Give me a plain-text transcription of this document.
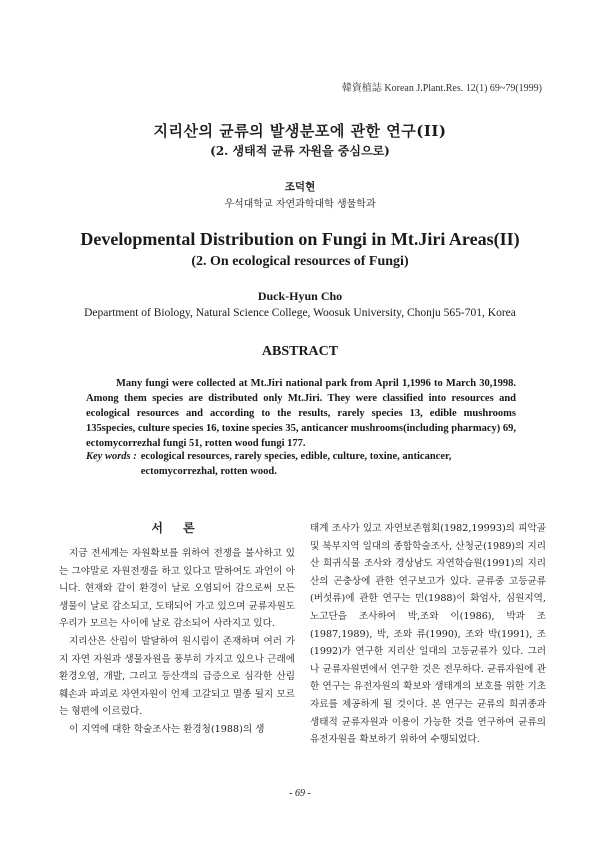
韓資植誌 Korean J.Plant.Res. 12(1) 69~79(1999)
지리산의 균류의 발생분포에 관한 연구(II)
(2. 생태적 균류 자원을 중심으로)
조덕현
우석대학교 자연과학대학 생물학과
Developmental Distribution on Fungi in Mt.Jiri Areas(II)
(2. On ecological resources of Fungi)
Duck-Hyun Cho
Department of Biology, Natural Science College, Woosuk University, Chonju 565-701, Korea
ABSTRACT
Many fungi were collected at Mt.Jiri national park from April 1,1996 to March 30,1998. Among them species are distributed only Mt.Jiri. They were classified into resources and ecological resources and according to the results, rarely species 13, edible mushrooms 135species, culture species 16, toxine species 35, anticancer mushrooms(including pharmacy) 69, ectomycorrezhal fungi 51, rotten wood fungi 177.
Key words : ecological resources, rarely species, edible, culture, toxine, anticancer, ectomycorrezhal, rotten wood.
서 론

지금 전세계는 자원확보를 위하여 전쟁을 불사하고 있는 그야말로 자원전쟁을 하고 있다고 말하여도 과언이 아니다. 현재와 같이 환경이 날로 오염되어 감으로써 모든 생물이 날로 감소되고, 도태되어 가고 있으며 균류자원도 우리가 모르는 사이에 날로 감소되어 사라지고 있다.

지리산은 산림이 발달하여 원시림이 존재하며 여러 가지 자연 자원과 생물자원을 풍부히 가지고 있으나 근래에 환경오염, 개발, 그리고 등산객의 급증으로 심각한 산림훼손과 파괴로 자연자원이 언제 고갈되고 멸종 될지 모르는 형편에 이르렀다.

이 지역에 대한 학술조사는 환경청(1988)의 생

태계 조사가 있고 자연보존협회(1982,19993)의 피악골 및 북부지역 일대의 종합학술조사, 산청군(1989)의 지리산 희귀식물 조사와 경상남도 자연학습원(1991)의 지리산의 곤충상에 관한 연구보고가 있다. 균류중 고등균류(버섯류)에 관한 연구는 민(1988)이 화엄사, 심원지역, 노고단을 조사하여 박,조와 이(1986), 박과 조(1987,1989), 박, 조와 류(1990), 조와 박(1991), 조(1992)가 연구한 지리산 일대의 고등균류가 있다. 그러나 균류자원면에서 연구한 것은 전무하다. 균류자원에 관한 연구는 유전자원의 확보와 생태계의 보호를 위한 기초자료를 제공하게 될 것이다. 본 연구는 균류의 희귀종과 생태적 균류자원과 이용이 가능한 것을 연구하여 균류의 유전자원을 확보하기 위하여 수행되었다.

- 69 -
